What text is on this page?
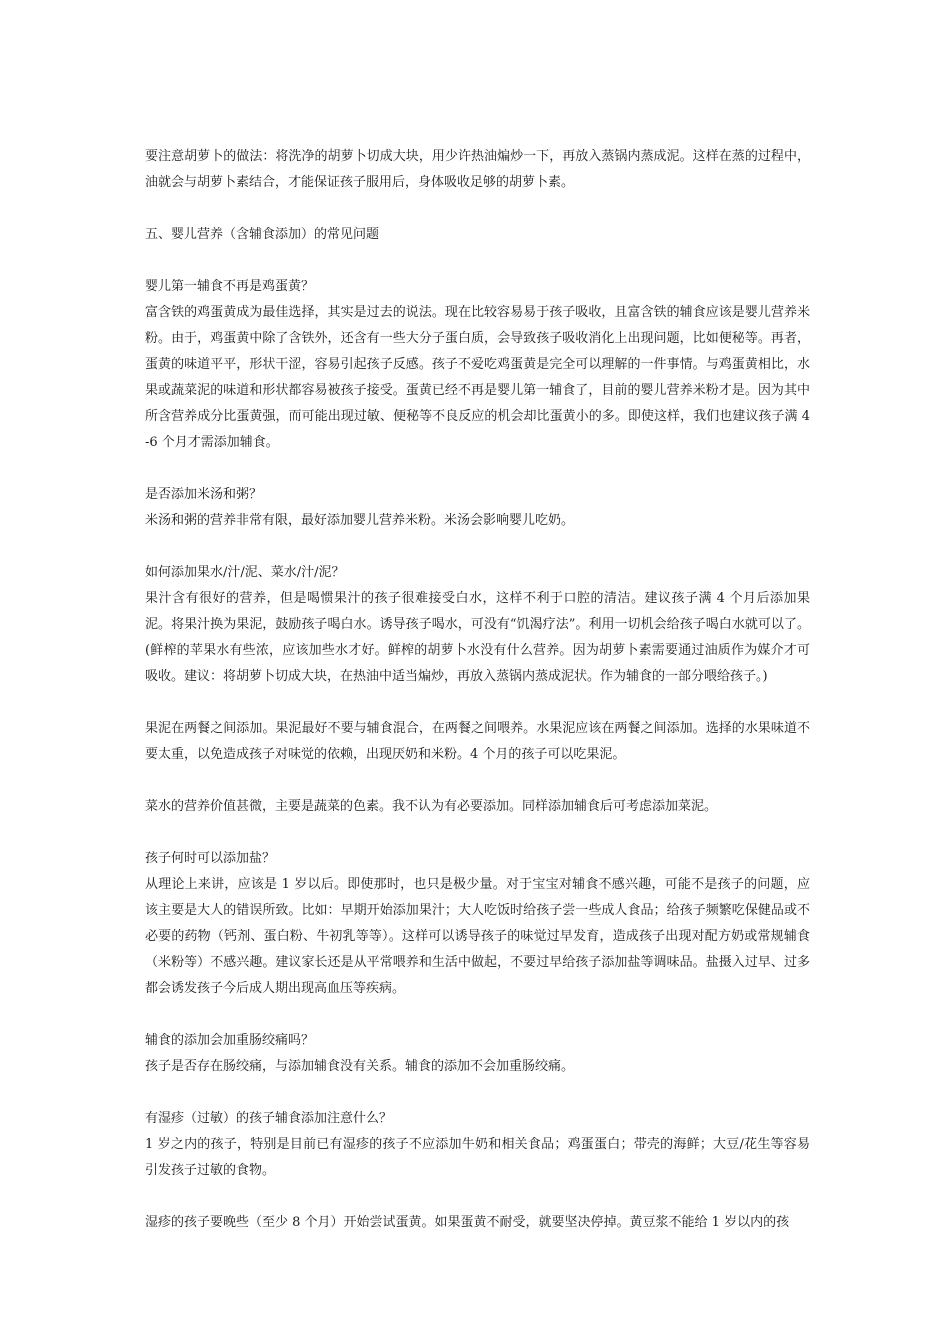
要注意胡萝卜的做法：将洗净的胡萝卜切成大块，用少许热油煸炒一下，再放入蒸锅内蒸成泥。这样在蒸的过程中，油就会与胡萝卜素结合，才能保证孩子服用后，身体吸收足够的胡萝卜素。

五、婴儿营养（含辅食添加）的常见问题

婴儿第一辅食不再是鸡蛋黄？

富含铁的鸡蛋黄成为最佳选择，其实是过去的说法。现在比较容易易于孩子吸收，且富含铁的辅食应该是婴儿营养米粉。由于，鸡蛋黄中除了含铁外，还含有一些大分子蛋白质，会导致孩子吸收消化上出现问题，比如便秘等。再者，蛋黄的味道平平，形状干涩，容易引起孩子反感。孩子不爱吃鸡蛋黄是完全可以理解的一件事情。与鸡蛋黄相比，水果或蔬菜泥的味道和形状都容易被孩子接受。蛋黄已经不再是婴儿第一辅食了，目前的婴儿营养米粉才是。因为其中所含营养成分比蛋黄强，而可能出现过敏、便秘等不良反应的机会却比蛋黄小的多。即使这样，我们也建议孩子满 4-6 个月才需添加辅食。

是否添加米汤和粥？

米汤和粥的营养非常有限，最好添加婴儿营养米粉。米汤会影响婴儿吃奶。

如何添加果水/汁/泥、菜水/汁/泥？

果汁含有很好的营养，但是喝惯果汁的孩子很难接受白水，这样不利于口腔的清洁。建议孩子满 4 个月后添加果泥。将果汁换为果泥，鼓励孩子喝白水。诱导孩子喝水，可没有“饥渴疗法”。利用一切机会给孩子喝白水就可以了。(鲜榨的苹果水有些浓，应该加些水才好。鲜榨的胡萝卜水没有什么营养。因为胡萝卜素需要通过油质作为媒介才可吸收。建议：将胡萝卜切成大块，在热油中适当煸炒，再放入蒸锅内蒸成泥状。作为辅食的一部分喂给孩子。)

果泥在两餐之间添加。果泥最好不要与辅食混合，在两餐之间喂养。水果泥应该在两餐之间添加。选择的水果味道不要太重，以免造成孩子对味觉的依赖，出现厌奶和米粉。4 个月的孩子可以吃果泥。

菜水的营养价值甚微，主要是蔬菜的色素。我不认为有必要添加。同样添加辅食后可考虑添加菜泥。

孩子何时可以添加盐？

从理论上来讲，应该是 1 岁以后。即使那时，也只是极少量。对于宝宝对辅食不感兴趣，可能不是孩子的问题，应该主要是大人的错误所致。比如：早期开始添加果汁；大人吃饭时给孩子尝一些成人食品；给孩子频繁吃保健品或不必要的药物（钙剂、蛋白粉、牛初乳等等）。这样可以诱导孩子的味觉过早发育，造成孩子出现对配方奶或常规辅食（米粉等）不感兴趣。建议家长还是从平常喂养和生活中做起，不要过早给孩子添加盐等调味品。盐摄入过早、过多都会诱发孩子今后成人期出现高血压等疾病。

辅食的添加会加重肠绞痛吗？

孩子是否存在肠绞痛，与添加辅食没有关系。辅食的添加不会加重肠绞痛。

有湿疹（过敏）的孩子辅食添加注意什么？

1 岁之内的孩子，特别是目前已有湿疹的孩子不应添加牛奶和相关食品；鸡蛋蛋白；带壳的海鲜；大豆/花生等容易引发孩子过敏的食物。

湿疹的孩子要晚些（至少 8 个月）开始尝试蛋黄。如果蛋黄不耐受，就要坚决停掉。黄豆浆不能给 1 岁以内的孩
